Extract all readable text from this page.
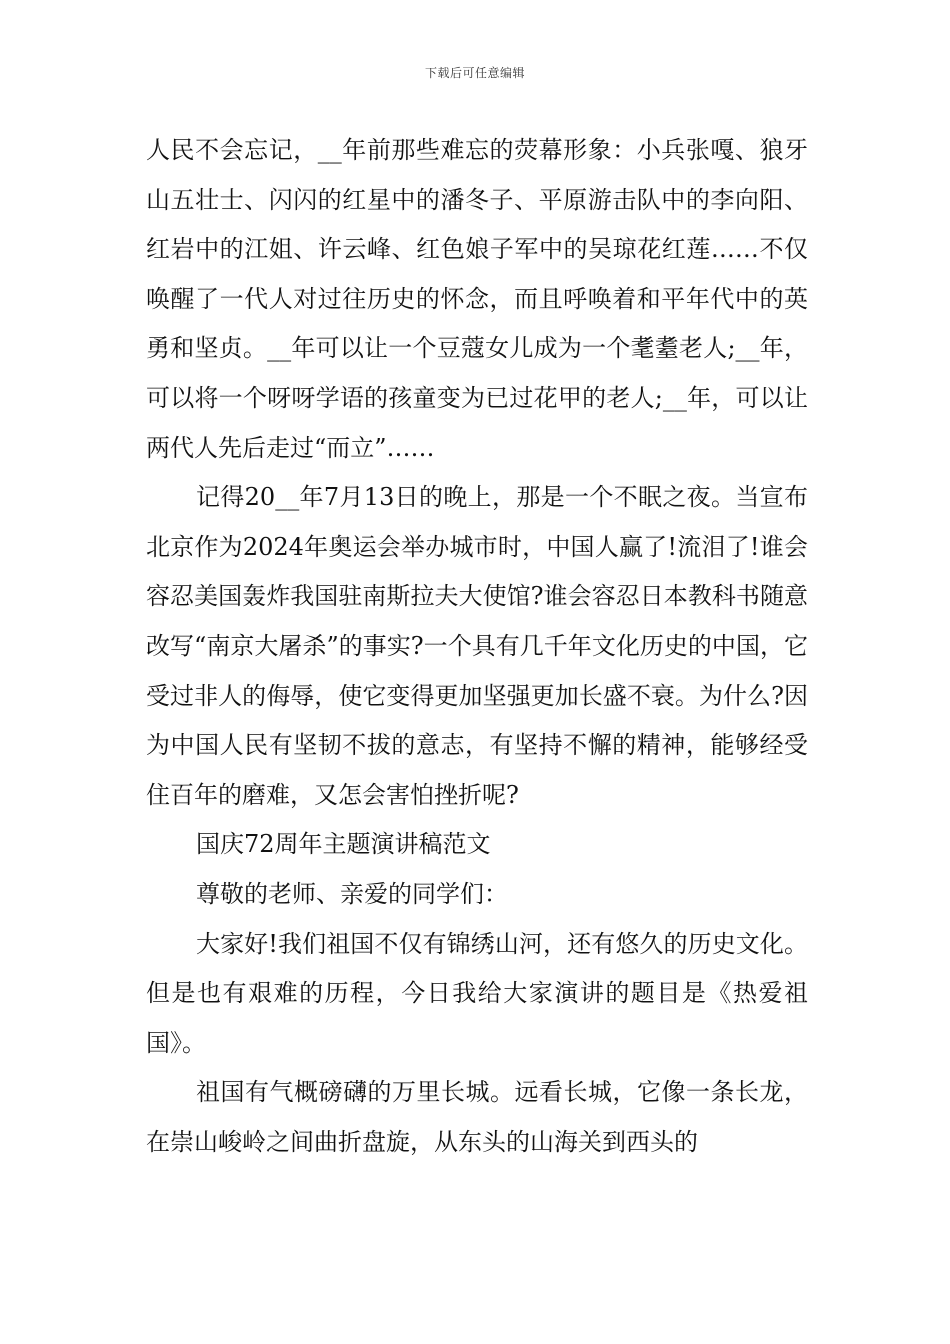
下载后可任意编辑

人民不会忘记，__年前那些难忘的荧幕形象：小兵张嘎、狼牙山五壮士、闪闪的红星中的潘冬子、平原游击队中的李向阳、红岩中的江姐、许云峰、红色娘子军中的吴琼花红莲……不仅唤醒了一代人对过往历史的怀念，而且呼唤着和平年代中的英勇和坚贞。__年可以让一个豆蔻女儿成为一个耄耋老人;__年，可以将一个呀呀学语的孩童变为已过花甲的老人;__年，可以让两代人先后走过“而立”……

记得20__年7月13日的晚上，那是一个不眠之夜。当宣布北京作为2024年奥运会举办城市时，中国人赢了!流泪了!谁会容忍美国轰炸我国驻南斯拉夫大使馆?谁会容忍日本教科书随意改写“南京大屠杀”的事实?一个具有几千年文化历史的中国，它受过非人的侮辱，使它变得更加坚强更加长盛不衰。为什么?因为中国人民有坚韧不拔的意志，有坚持不懈的精神，能够经受住百年的磨难，又怎会害怕挫折呢?

国庆72周年主题演讲稿范文

尊敬的老师、亲爱的同学们：

大家好!我们祖国不仅有锦绣山河，还有悠久的历史文化。但是也有艰难的历程，今日我给大家演讲的题目是《热爱祖国》。

祖国有气概磅礴的万里长城。远看长城，它像一条长龙，在崇山峻岭之间曲折盘旋，从东头的山海关到西头的
